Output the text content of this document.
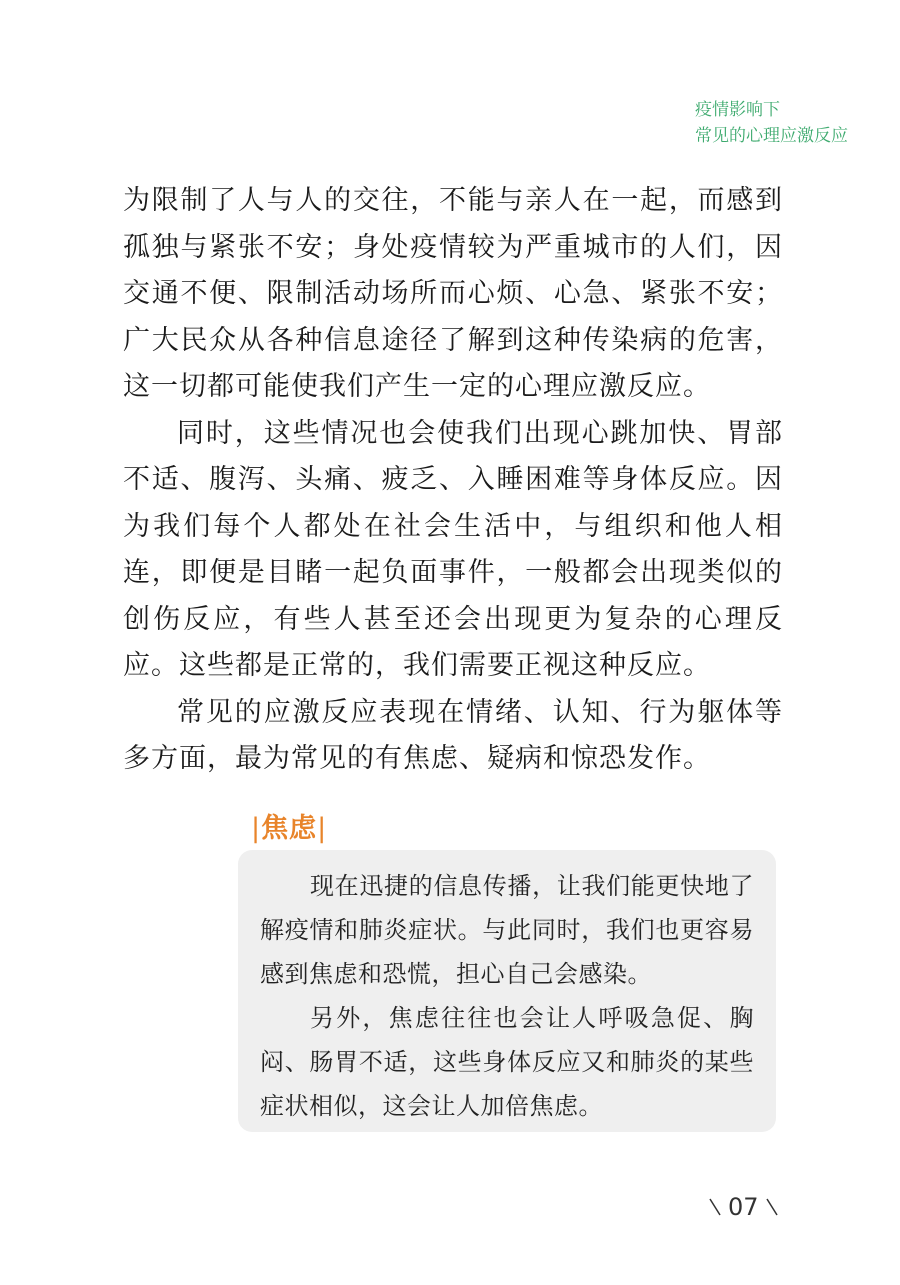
疫情影响下
常见的心理应激反应

为限制了人与人的交往，不能与亲人在一起，而感到孤独与紧张不安；身处疫情较为严重城市的人们，因交通不便、限制活动场所而心烦、心急、紧张不安；广大民众从各种信息途径了解到这种传染病的危害，这一切都可能使我们产生一定的心理应激反应。

同时，这些情况也会使我们出现心跳加快、胃部不适、腹泻、头痛、疲乏、入睡困难等身体反应。因为我们每个人都处在社会生活中，与组织和他人相连，即便是目睹一起负面事件，一般都会出现类似的创伤反应，有些人甚至还会出现更为复杂的心理反应。这些都是正常的，我们需要正视这种反应。

常见的应激反应表现在情绪、认知、行为躯体等多方面，最为常见的有焦虑、疑病和惊恐发作。

|焦虑|

现在迅捷的信息传播，让我们能更快地了解疫情和肺炎症状。与此同时，我们也更容易感到焦虑和恐慌，担心自己会感染。

另外，焦虑往往也会让人呼吸急促、胸闷、肠胃不适，这些身体反应又和肺炎的某些症状相似，这会让人加倍焦虑。

07
